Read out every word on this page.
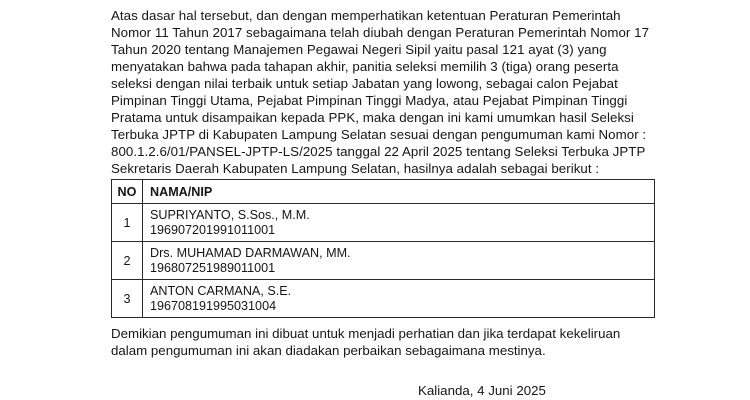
Atas dasar hal tersebut, dan dengan memperhatikan ketentuan Peraturan Pemerintah
Nomor 11 Tahun 2017 sebagaimana telah diubah dengan Peraturan Pemerintah Nomor 17
Tahun 2020 tentang Manajemen Pegawai Negeri Sipil yaitu pasal 121 ayat (3) yang
menyatakan bahwa pada tahapan akhir, panitia seleksi memilih 3 (tiga) orang peserta
seleksi dengan nilai terbaik untuk setiap Jabatan yang lowong, sebagai calon Pejabat
Pimpinan Tinggi Utama, Pejabat Pimpinan Tinggi Madya, atau Pejabat Pimpinan Tinggi
Pratama untuk disampaikan kepada PPK, maka dengan ini kami umumkan hasil Seleksi
Terbuka JPTP di Kabupaten Lampung Selatan sesuai dengan pengumuman kami Nomor :
800.1.2.6/01/PANSEL-JPTP-LS/2025 tanggal 22 April 2025 tentang Seleksi Terbuka JPTP
Sekretaris Daerah Kabupaten Lampung Selatan, hasilnya adalah sebagai berikut :
NO	NAMA/NIP
1	SUPRIYANTO, S.Sos., M.M.
196907201991011001

2	Drs. MUHAMAD DARMAWAN, MM.
196807251989011001

3	ANTON CARMANA, S.E.
196708191995031004
Demikian pengumuman ini dibuat untuk menjadi perhatian dan jika terdapat kekeliruan
dalam pengumuman ini akan diadakan perbaikan sebagaimana mestinya.
Kalianda, 4 Juni 2025
